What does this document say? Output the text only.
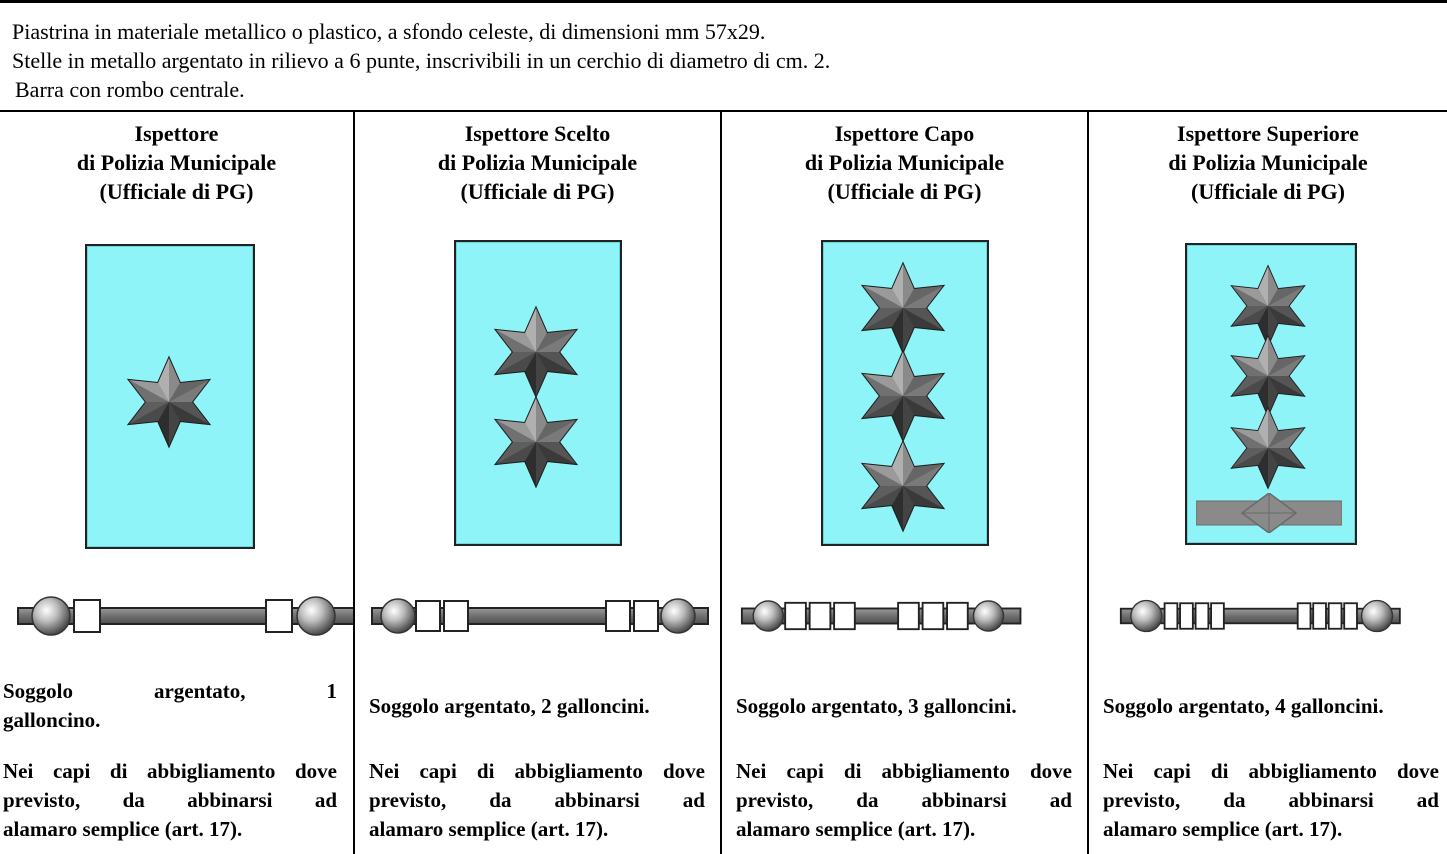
Piastrina in materiale metallico o plastico, a sfondo celeste, di dimensioni mm 57x29.
Stelle in metallo argentato in rilievo a 6 punte, inscrivibili in un cerchio di diametro di cm. 2.
Barra con rombo centrale.
Ispettore
di Polizia Municipale
(Ufficiale di PG)
Soggolo	argentato,	1
galloncino.
Nei capi di abbigliamento dove
previsto, da abbinarsi ad
alamaro semplice (art. 17).
Ispettore Scelto
di Polizia Municipale
(Ufficiale di PG)
Soggolo argentato, 2 galloncini.
Nei capi di abbigliamento dove
previsto, da abbinarsi ad
alamaro semplice (art. 17).
Ispettore Capo
di Polizia Municipale
(Ufficiale di PG)
Soggolo argentato, 3 galloncini.
Nei capi di abbigliamento dove
previsto, da abbinarsi ad
alamaro semplice (art. 17).
Ispettore Superiore
di Polizia Municipale
(Ufficiale di PG)
Soggolo argentato, 4 galloncini.
Nei capi di abbigliamento dove
previsto, da abbinarsi ad
alamaro semplice (art. 17).
